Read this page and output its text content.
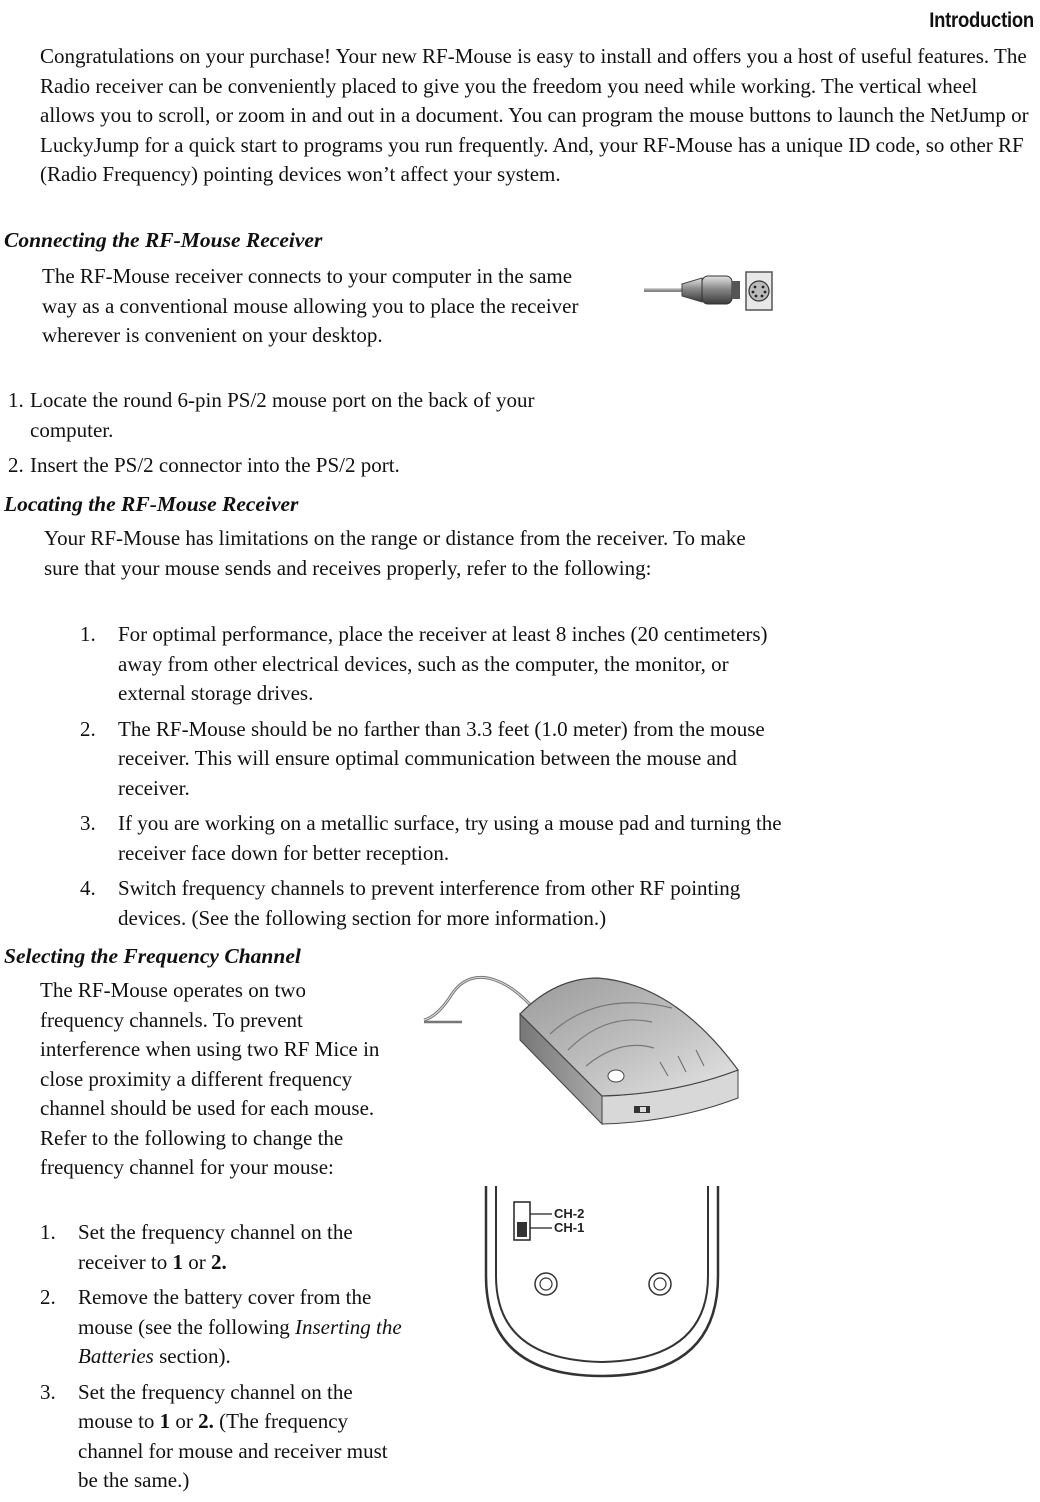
Introduction

Congratulations on your purchase! Your new RF-Mouse is easy to install and offers you a host of useful features. The Radio receiver can be conveniently placed to give you the freedom you need while working. The vertical wheel allows you to scroll, or zoom in and out in a document. You can program the mouse buttons to launch the NetJump or LuckyJump for a quick start to programs you run frequently. And, your RF-Mouse has a unique ID code, so other RF (Radio Frequency) pointing devices won’t affect your system.

Connecting the RF-Mouse Receiver

The RF-Mouse receiver connects to your computer in the same way as a conventional mouse allowing you to place the receiver wherever is convenient on your desktop.

1. Locate the round 6-pin PS/2 mouse port on the back of your computer.
2. Insert the PS/2 connector into the PS/2 port.
Locating the RF-Mouse Receiver

Your RF-Mouse has limitations on the range or distance from the receiver. To make sure that your mouse sends and receives properly, refer to the following:

1. For optimal performance, place the receiver at least 8 inches (20 centimeters) away from other electrical devices, such as the computer, the monitor, or external storage drives.
2. The RF-Mouse should be no farther than 3.3 feet (1.0 meter) from the mouse receiver. This will ensure optimal communication between the mouse and receiver.
3. If you are working on a metallic surface, try using a mouse pad and turning the receiver face down for better reception.
4. Switch frequency channels to prevent interference from other RF pointing devices. (See the following section for more information.)
Selecting the Frequency Channel

The RF-Mouse operates on two frequency channels. To prevent interference when using two RF Mice in close proximity a different frequency channel should be used for each mouse. Refer to the following to change the frequency channel for your mouse:

1. Set the frequency channel on the receiver to 1 or 2.
2. Remove the battery cover from the mouse (see the following Inserting the Batteries section).
3. Set the frequency channel on the mouse to 1 or 2. (The frequency channel for mouse and receiver must be the same.)
CH-2
CH-1
